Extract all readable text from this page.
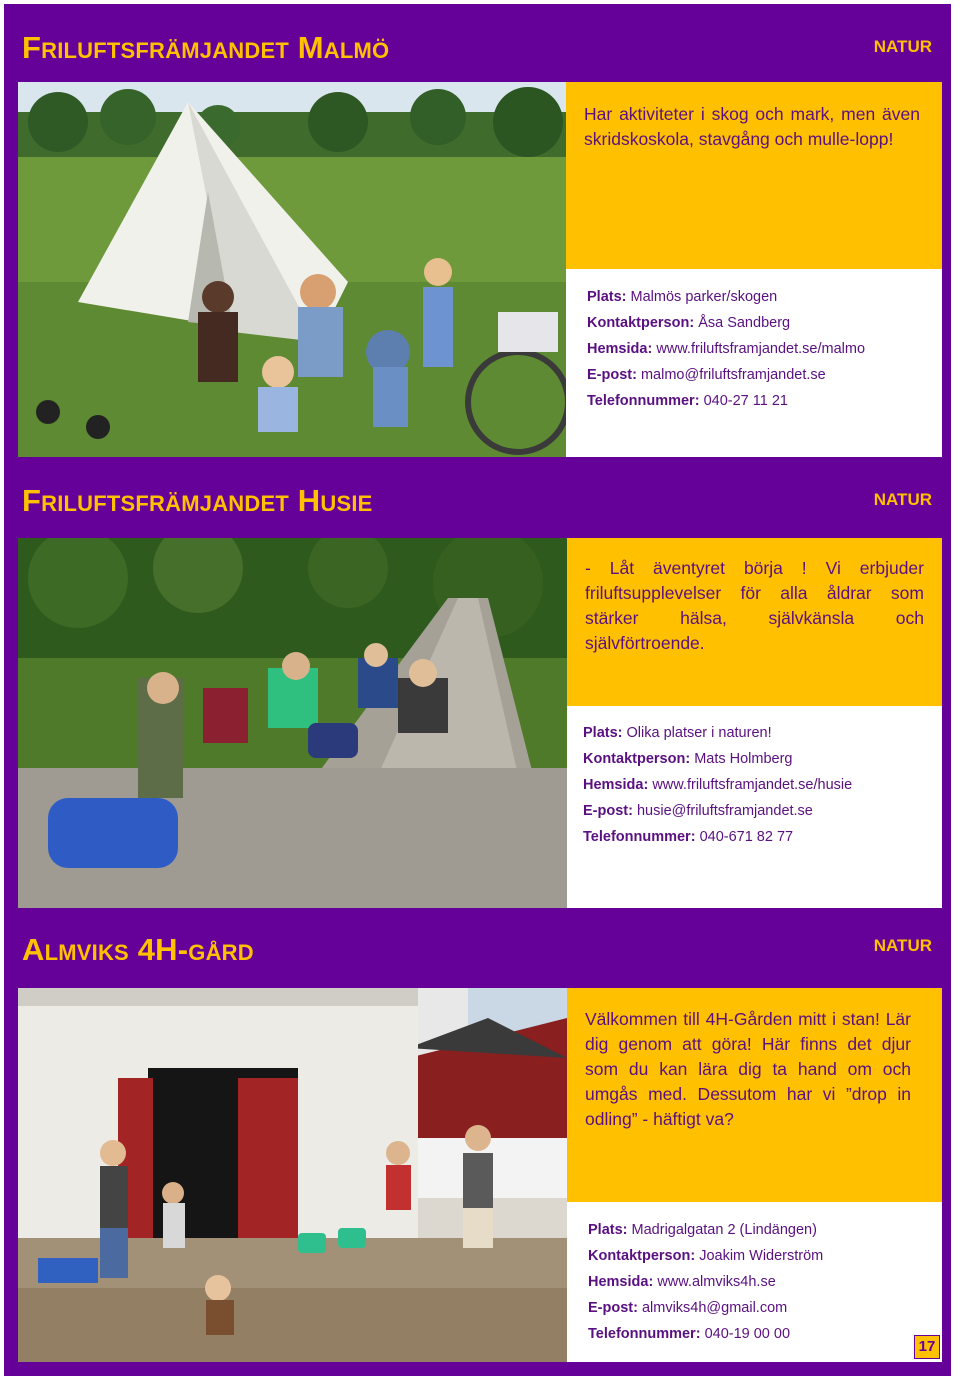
Friluftsfrämjandet Malmö	NATUR
Har aktiviteter i skog och mark, men även skridskoskola, stavgång och mulle-lopp!
Plats: Malmös parker/skogen
Kontaktperson: Åsa Sandberg
Hemsida: www.friluftsframjandet.se/malmo
E-post: malmo@friluftsframjandet.se
Telefonnummer: 040-27 11 21
Friluftsfrämjandet Husie	NATUR
- Låt äventyret börja ! Vi erbjuder friluftsupplevelser för alla åldrar som stärker hälsa, självkänsla och självförtroende.
Plats: Olika platser i naturen!
Kontaktperson: Mats Holmberg
Hemsida: www.friluftsframjandet.se/husie
E-post: husie@friluftsframjandet.se
Telefonnummer: 040-671 82 77
Almviks 4H-gård	NATUR
Välkommen till 4H-Gården mitt i stan! Lär dig genom att göra! Här finns det djur som du kan lära dig ta hand om och umgås med. Dessutom har vi ”drop in odling” - häftigt va?
Plats: Madrigalgatan 2 (Lindängen)
Kontaktperson: Joakim Widerström
Hemsida: www.almviks4h.se
E-post: almviks4h@gmail.com
Telefonnummer: 040-19 00 00
17
